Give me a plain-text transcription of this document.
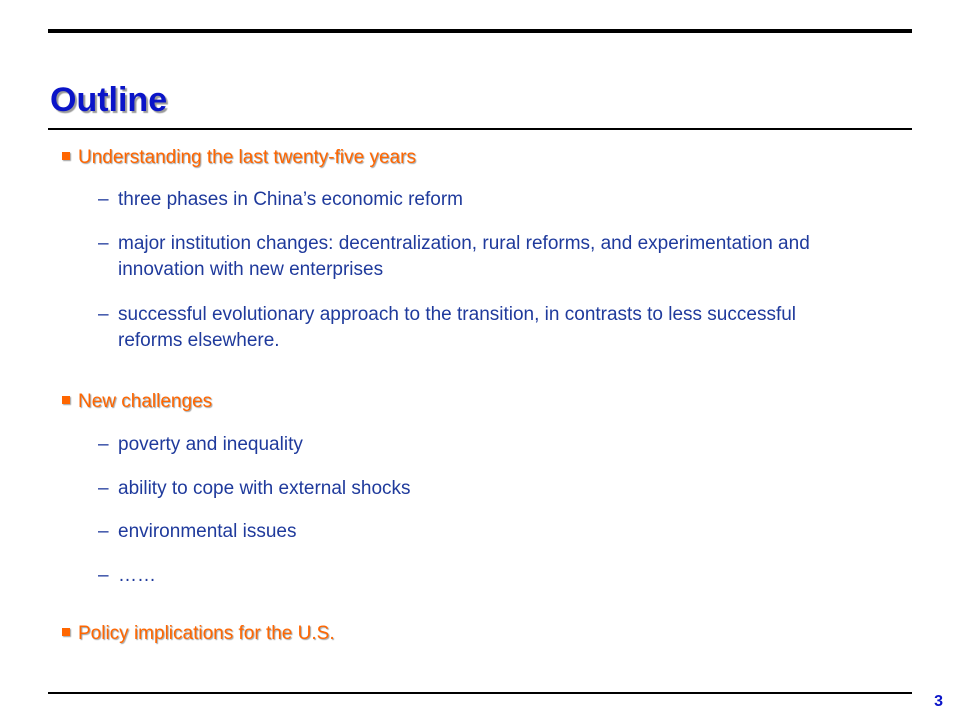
Outline
Understanding the last twenty-five years
– three phases in China’s economic reform
– major institution changes: decentralization, rural reforms, and experimentation and innovation with new enterprises
– successful evolutionary approach to the transition, in contrasts to less successful reforms elsewhere.
New challenges
– poverty and inequality
– ability to cope with external shocks
– environmental issues
– ……
Policy implications for the U.S.
3
